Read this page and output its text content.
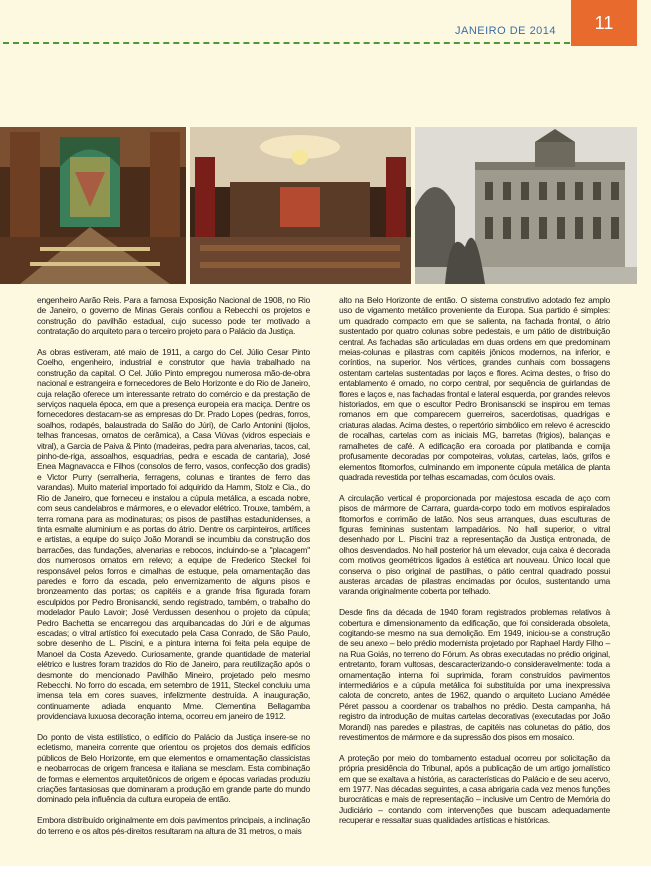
11
JANEIRO DE 2014

engenheiro Aarão Reis. Para a famosa Exposição Nacional de 1908, no Rio de Janeiro, o governo de Minas Gerais confiou a Rebecchi os projetos e construção do pavilhão estadual, cujo sucesso pode ter motivado a contratação do arquiteto para o terceiro projeto para o Palácio da Justiça.

As obras estiveram, até maio de 1911, a cargo do Cel. Júlio Cesar Pinto Coelho, engenheiro, industrial e construtor que havia trabalhado na construção da capital. O Cel. Júlio Pinto empregou numerosa mão-de-obra nacional e estrangeira e fornecedores de Belo Horizonte e do Rio de Janeiro, cuja relação oferece um interessante retrato do comércio e da prestação de serviços naquela época, em que a presença europeia era maciça. Dentre os fornecedores destacam-se as empresas do Dr. Prado Lopes (pedras, forros, soalhos, rodapés, balaustrada do Salão do Júri), de Carlo Antonini (tijolos, telhas francesas, ornatos de cerâmica), a Casa Viúvas (vidros especiais e vitral), a Garcia de Paiva & Pinto (madeiras, pedra para alvenarias, tacos, cal, pinho-de-riga, assoalhos, esquadrias, pedra e escada de cantaria), José Enea Magnavacca e Filhos (consolos de ferro, vasos, confecção dos gradis) e Victor Purry (serralheria, ferragens, colunas e tirantes de ferro das varandas). Muito material importado foi adquirido da Hamm, Stolz e Cia., do Rio de Janeiro, que forneceu e instalou a cúpula metálica, a escada nobre, com seus candelabros e mármores, e o elevador elétrico. Trouxe, também, a terra romana para as modinaturas; os pisos de pastilhas estadunidenses, a tinta esmalte aluminium e as portas do átrio. Dentre os carpinteiros, artífices e artistas, a equipe do suíço João Morandi se incumbiu da construção dos barracões, das fundações, alvenarias e rebocos, incluindo-se a "placagem" dos numerosos ornatos em relevo; a equipe de Frederico Steckel foi responsável pelos forros e cimalhas de estuque, pela ornamentação das paredes e forro da escada, pelo envernizamento de alguns pisos e bronzeamento das portas; os capitéis e a grande frisa figurada foram esculpidos por Pedro Bronisancki, sendo registrado, também, o trabalho do modelador Paulo Lavoir; José Verdussen desenhou o projeto da cúpula; Pedro Bachetta se encarregou das arquibancadas do Júri e de algumas escadas; o vitral artístico foi executado pela Casa Conrado, de São Paulo, sobre desenho de L. Piscini, e a pintura interna foi feita pela equipe de Manoel da Costa Azevedo. Curiosamente, grande quantidade de material elétrico e lustres foram trazidos do Rio de Janeiro, para reutilização após o desmonte do mencionado Pavilhão Mineiro, projetado pelo mesmo Rebecchi. No forro do escada, em setembro de 1911, Steckel concluiu uma imensa tela em cores suaves, infelizmente destruída. A inauguração, continuamente adiada enquanto Mme. Clementina Bellagamba providenciava luxuosa decoração interna, ocorreu em janeiro de 1912.

Do ponto de vista estilístico, o edifício do Palácio da Justiça insere-se no ecletismo, maneira corrente que orientou os projetos dos demais edifícios públicos de Belo Horizonte, em que elementos e ornamentação classicistas e neobarrocas de origem francesa e italiana se mesclam. Esta combinação de formas e elementos arquitetônicos de origem e épocas variadas produziu criações fantasiosas que dominaram a produção em grande parte do mundo dominado pela influência da cultura europeia de então.

Embora distribuído originalmente em dois pavimentos principais, a inclinação do terreno e os altos pés-direitos resultaram na altura de 31 metros, o mais

alto na Belo Horizonte de então. O sistema construtivo adotado fez amplo uso de vigamento metálico proveniente da Europa. Sua partido é simples: um quadrado compacto em que se salienta, na fachada frontal, o átrio sustentado por quatro colunas sobre pedestais, e um pátio de distribuição central. As fachadas são articuladas em duas ordens em que predominam meias-colunas e pilastras com capitéis jônicos modernos, na inferior, e coríntios, na superior. Nos vértices, grandes cunhais com bossagens ostentam cartelas sustentadas por laços e flores. Acima destes, o friso do entablamento é ornado, no corpo central, por sequência de guirlandas de flores e laços e, nas fachadas frontal e lateral esquerda, por grandes relevos historiados, em que o escultor Pedro Bronisanscki se inspirou em temas romanos em que comparecem guerreiros, sacerdotisas, quadrigas e criaturas aladas. Acima destes, o repertório simbólico em relevo é acrescido de rocalhas, cartelas com as iniciais MG, barretas (frigios), balanças e ramalhetes de café. A edificação era coroada por platibanda e cornija profusamente decoradas por compoteiras, volutas, cartelas, laós, grifos e elementos fitomorfos, culminando em imponente cúpula metálica de planta quadrada revestida por telhas escamadas, com óculos ovais.

A circulação vertical é proporcionada por majestosa escada de aço com pisos de mármore de Carrara, guarda-corpo todo em motivos espiralados fitomorfos e corrimão de latão. Nos seus arranques, duas esculturas de figuras femininas sustentam lampadários. No hall superior, o vitral desenhado por L. Piscini traz a representação da Justiça entronada, de olhos desvendados. No hall posterior há um elevador, cuja caixa é decorada com motivos geométricos ligados à estética art nouveau. Único local que conserva o piso original de pastilhas, o pátio central quadrado possui austeras arcadas de pilastras encimadas por óculos, sustentando uma varanda originalmente coberta por telhado.

Desde fins da década de 1940 foram registrados problemas relativos à cobertura e dimensionamento da edificação, que foi considerada obsoleta, cogitando-se mesmo na sua demolição. Em 1949, iniciou-se a construção de seu anexo – belo prédio modernista projetado por Raphael Hardy Filho – na Rua Goiás, no terreno do Fórum. As obras executadas no prédio original, entretanto, foram vultosas, descaracterizando-o consideravelmente: toda a ornamentação interna foi suprimida, foram construídos pavimentos intermediários e a cúpula metálica foi substituída por uma inexpressiva calota de concreto, antes de 1962, quando o arquiteto Luciano Amédée Péret passou a coordenar os trabalhos no prédio. Desta campanha, há registro da introdução de muitas cartelas decorativas (executadas por João Morandi) nas paredes e pilastras, de capitéis nas colunetas do pátio, dos revestimentos de mármore e da supressão dos pisos em mosaico.

A proteção por meio do tombamento estadual ocorreu por solicitação da própria presidência do Tribunal, após a publicação de um artigo jornalístico em que se exaltava a história, as características do Palácio e de seu acervo, em 1977. Nas décadas seguintes, a casa abrigaria cada vez menos funções burocráticas e mais de representação – inclusive um Centro de Memória do Judiciário – contando com intervenções que buscam adequadamente recuperar e ressaltar suas qualidades artísticas e históricas.
